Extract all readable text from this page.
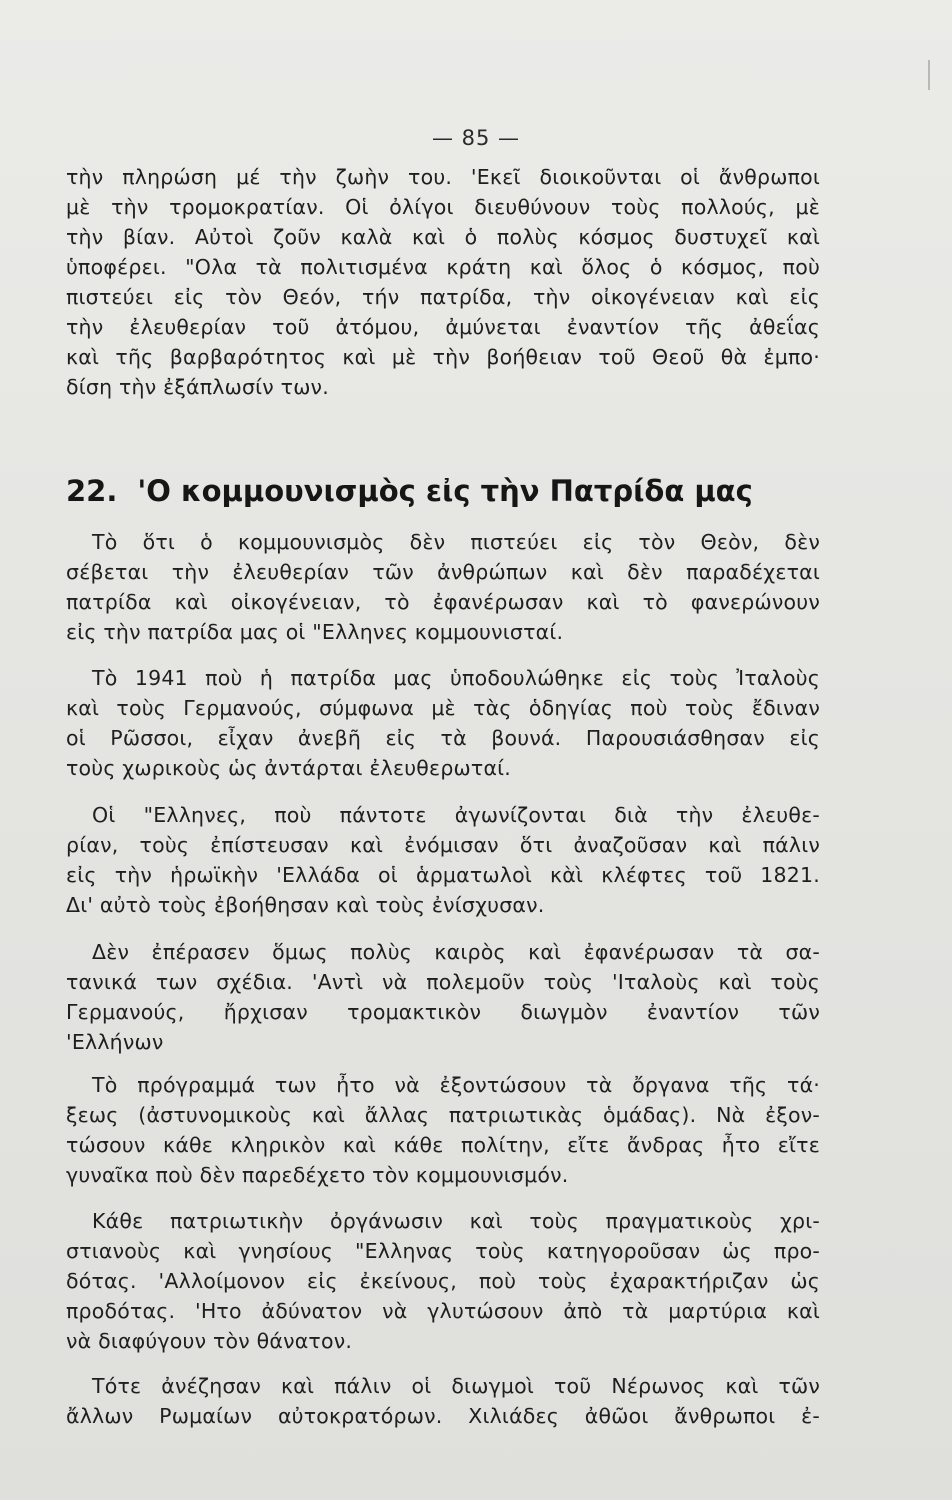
— 85 —
τὴν πληρώση μέ τὴν ζωὴν του. 'Εκεῖ διοικοῦνται οἱ ἄνθρωποι
μὲ τὴν τρομοκρατίαν. Οἱ ὀλίγοι διευθύνουν τοὺς πολλούς, μὲ
τὴν βίαν. Αὐτοὶ ζοῦν καλὰ καὶ ὁ πολὺς κόσμος δυστυχεῖ καὶ
ὑποφέρει. "Ολα τὰ πολιτισμένα κράτη καὶ ὅλος ὁ κόσμος, ποὺ
πιστεύει εἰς τὸν Θεόν, τήν πατρίδα, τὴν οἰκογένειαν καὶ εἰς
τὴν ἐλευθερίαν τοῦ ἀτόμου, ἀμύνεται ἐναντίον τῆς ἀθεΐας
καὶ τῆς βαρβαρότητος καὶ μὲ τὴν βοήθειαν τοῦ Θεοῦ θὰ ἐμπο·
δίση τὴν ἐξάπλωσίν των.
22. 'Ο κομμουνισμὸς εἰς τὴν Πατρίδα μας
Τὸ ὅτι ὁ κομμουνισμὸς δὲν πιστεύει εἰς τὸν Θεὸν, δὲν
σέβεται τὴν ἐλευθερίαν τῶν ἀνθρώπων καὶ δὲν παραδέχεται
πατρίδα καὶ οἰκογένειαν, τὸ ἐφανέρωσαν καὶ τὸ φανερώνουν
εἰς τὴν πατρίδα μας οἱ "Ελληνες κομμουνισταί.
Τὸ 1941 ποὺ ἡ πατρίδα μας ὑποδουλώθηκε εἰς τοὺς Ἰταλοὺς
καὶ τοὺς Γερμανούς, σύμφωνα μὲ τὰς ὁδηγίας ποὺ τοὺς ἔδιναν
οἱ Ρῶσσοι, εἶχαν ἀνεβῆ εἰς τὰ βουνά. Παρουσιάσθησαν εἰς
τοὺς χωρικοὺς ὡς ἀντάρται ἐλευθερωταί.
Οἱ "Ελληνες, ποὺ πάντοτε ἀγωνίζονται διὰ τὴν ἐλευθε-
ρίαν, τοὺς ἐπίστευσαν καὶ ἐνόμισαν ὅτι ἀναζοῦσαν καὶ πάλιν
εἰς τὴν ἡρωϊκὴν 'Ελλάδα οἱ ἁρματωλοὶ κὰὶ κλέφτες τοῦ 1821.
Δι' αὐτὸ τοὺς ἐβοήθησαν καὶ τοὺς ἐνίσχυσαν.
Δὲν ἐπέρασεν ὅμως πολὺς καιρὸς καὶ ἐφανέρωσαν τὰ σα-
τανικά των σχέδια. 'Αντὶ νὰ πολεμοῦν τοὺς 'Ιταλοὺς καὶ τοὺς
Γερμανούς, ἤρχισαν τρομακτικὸν διωγμὸν ἐναντίον τῶν
'Ελλήνων
Τὸ πρόγραμμά των ἦτο νὰ ἐξοντώσουν τὰ ὄργανα τῆς τά·
ξεως (ἀστυνομικοὺς καὶ ἄλλας πατριωτικὰς ὁμάδας). Νὰ ἐξον-
τώσουν κάθε κληρικὸν καὶ κάθε πολίτην, εἴτε ἄνδρας ἦτο εἴτε
γυναῖκα ποὺ δὲν παρεδέχετο τὸν κομμουνισμόν.
Κάθε πατριωτικὴν ὀργάνωσιν καὶ τοὺς πραγματικοὺς χρι-
στιανοὺς καὶ γνησίους "Ελληνας τοὺς κατηγοροῦσαν ὡς προ-
δότας. 'Αλλοίμονον εἰς ἐκείνους, ποὺ τοὺς ἐχαρακτήριζαν ὡς
προδότας. 'Ητο ἀδύνατον νὰ γλυτώσουν ἀπὸ τὰ μαρτύρια καὶ
νὰ διαφύγουν τὸν θάνατον.
Τότε ἀνέζησαν καὶ πάλιν οἱ διωγμοὶ τοῦ Νέρωνος καὶ τῶν
ἄλλων Ρωμαίων αὐτοκρατόρων. Χιλιάδες ἀθῶοι ἄνθρωποι ἐ-
